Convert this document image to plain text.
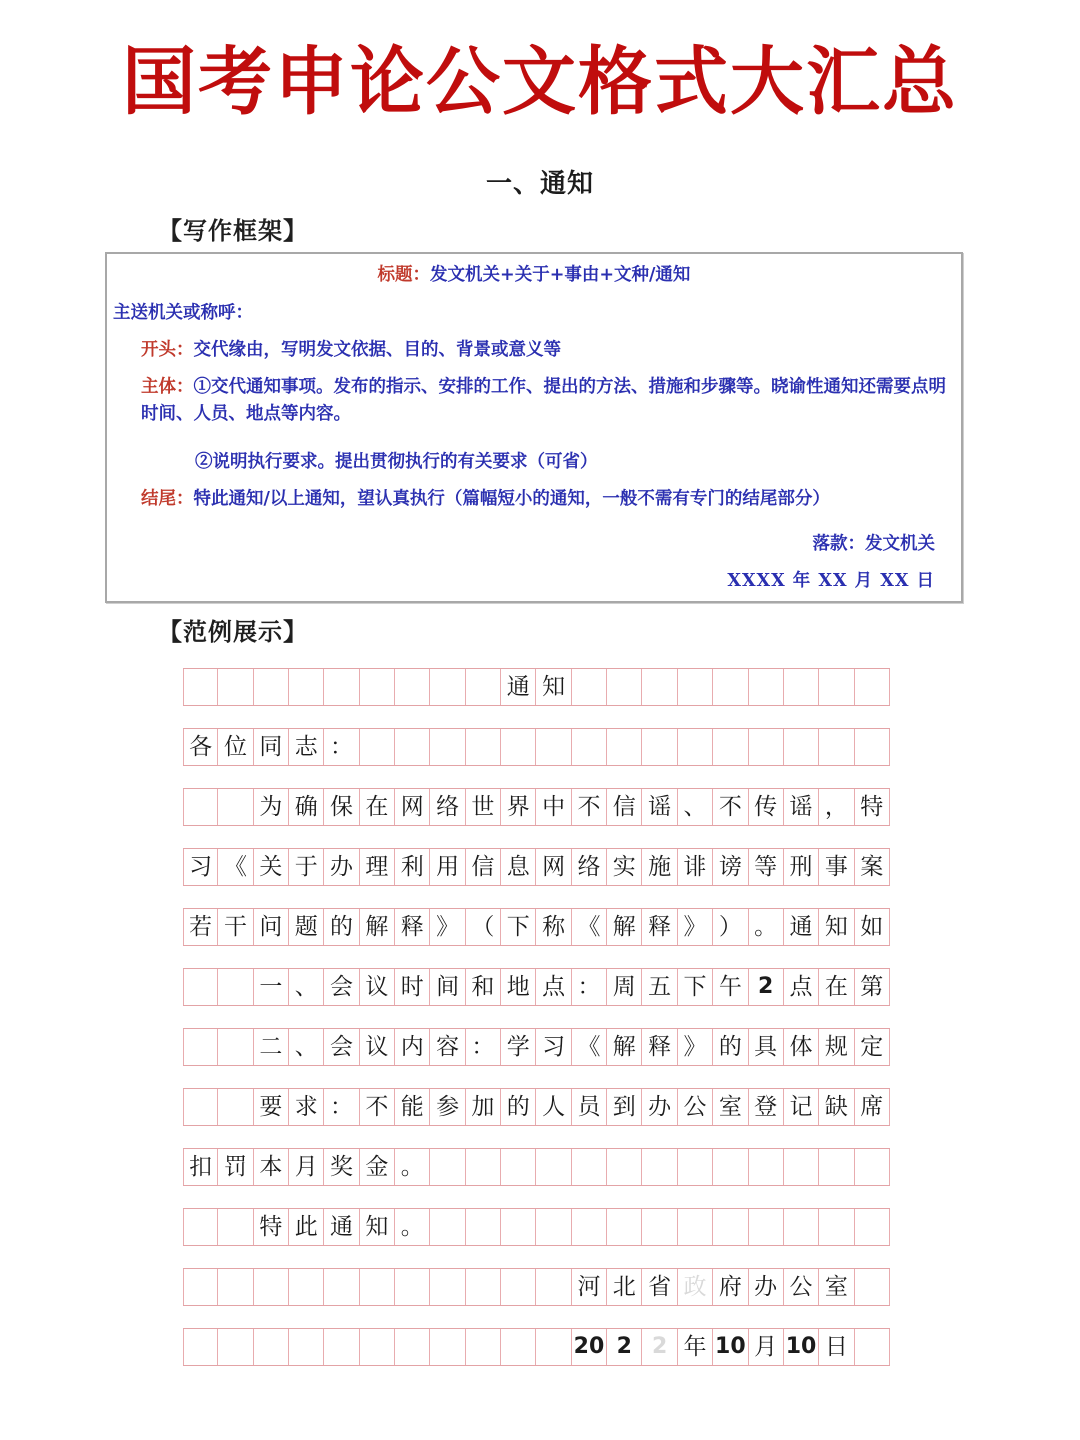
国考申论公文格式大汇总
一、通知
【写作框架】
标题：发文机关+关于+事由+文种/通知
主送机关或称呼：
开头：交代缘由，写明发文依据、目的、背景或意义等
主体：①交代通知事项。发布的指示、安排的工作、提出的方法、措施和步骤等。晓谕性通知还需要点明时间、人员、地点等内容。
②说明执行要求。提出贯彻执行的有关要求（可省）
结尾：特此通知/以上通知，望认真执行（篇幅短小的通知，一般不需有专门的结尾部分）
落款：发文机关
XXXX 年 XX 月 XX 日
【范例展示】
通 知
各 位 同 志 ：
为 确 保 在 网 络 世 界 中 不 信 谣 、 不 传 谣 ， 特
习 《 关 于 办 理 利 用 信 息 网 络 实 施 诽 谤 等 刑 事 案
若 干 问 题 的 解 释 》 （ 下 称 《 解 释 》 ） 。 通 知 如
一 、 会 议 时 间 和 地 点 ： 周 五 下 午 2 点 在 第
二 、 会 议 内 容 ： 学 习 《 解 释 》 的 具 体 规 定
要 求 ： 不 能 参 加 的 人 员 到 办 公 室 登 记 缺 席
扣 罚 本 月 奖 金 。
特 此 通 知 。
河 北 省 政 府 办 公 室
20 2 2 年 10 月 10 日
